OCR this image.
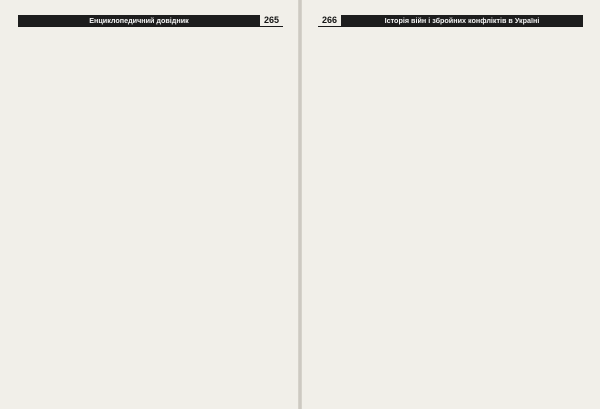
Енциклопедичний довідник	265	266	Історія війн і збройних конфліктів в Україні
